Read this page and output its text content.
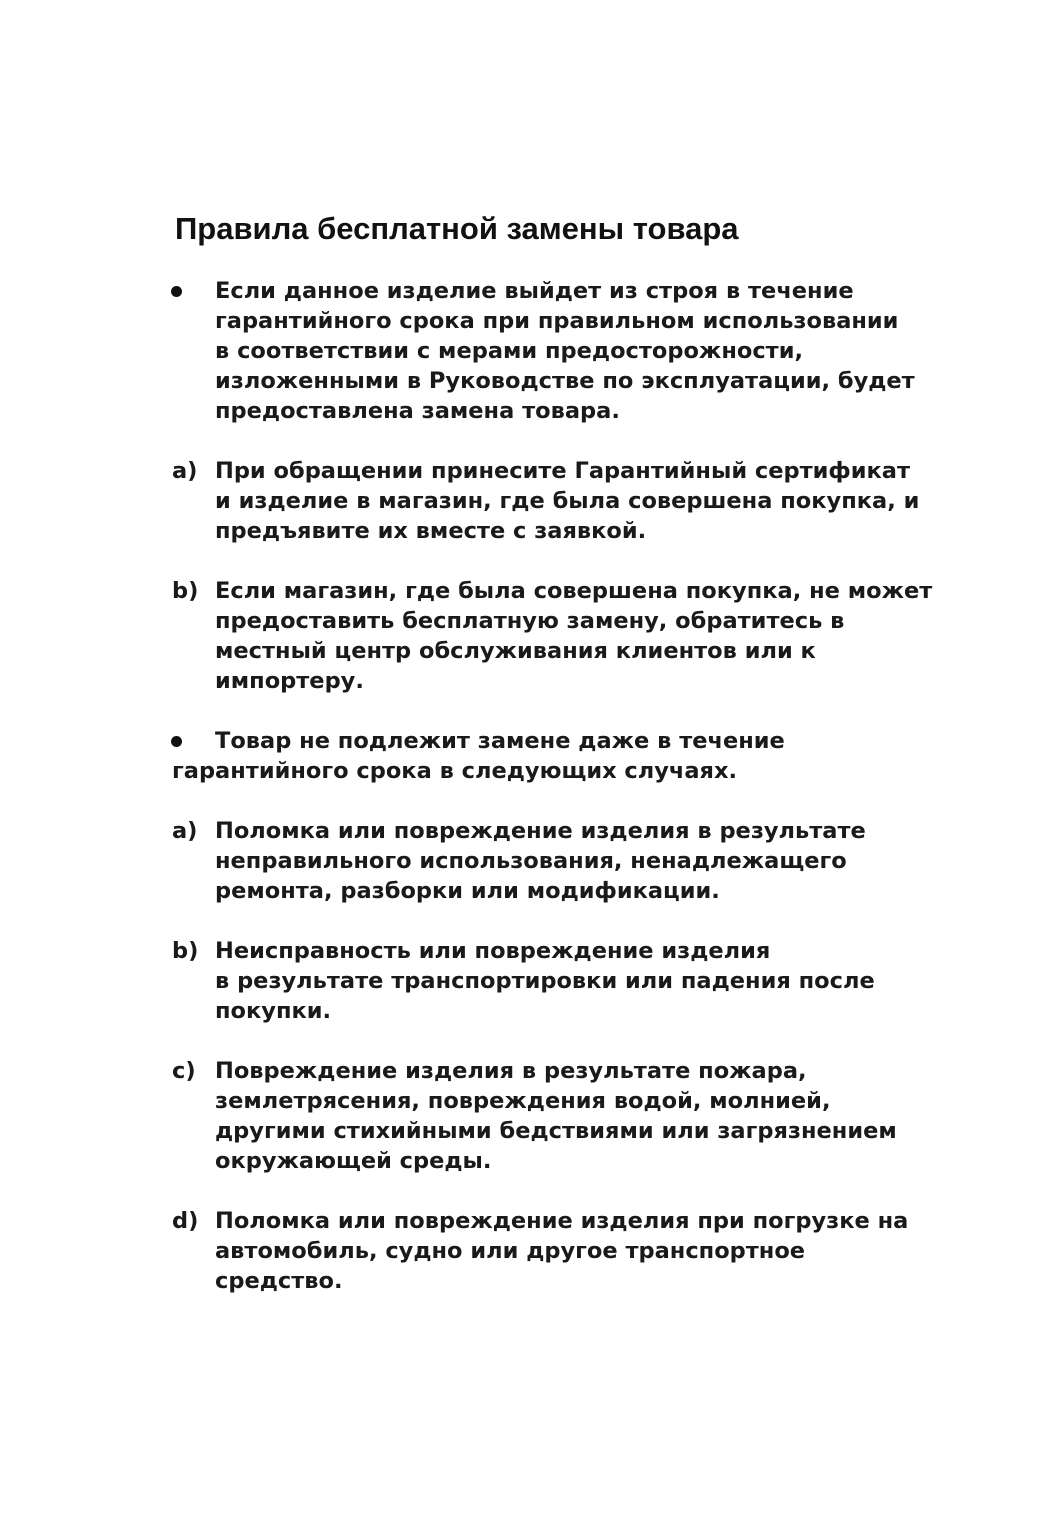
Правила бесплатной замены товара
Если данное изделие выйдет из строя в течение
гарантийного срока при правильном использовании
в соответствии с мерами предосторожности,
изложенными в Руководстве по эксплуатации, будет
предоставлена замена товара.
a) При обращении принесите Гарантийный сертификат
и изделие в магазин, где была совершена покупка, и
предъявите их вместе с заявкой.
b) Если магазин, где была совершена покупка, не может
предоставить бесплатную замену, обратитесь в
местный центр обслуживания клиентов или к
импортеру.
Товар не подлежит замене даже в течение
гарантийного срока в следующих случаях.
a) Поломка или повреждение изделия в результате
неправильного использования, ненадлежащего
ремонта, разборки или модификации.
b) Неисправность или повреждение изделия
в результате транспортировки или падения после
покупки.
c) Повреждение изделия в результате пожара,
землетрясения, повреждения водой, молнией,
другими стихийными бедствиями или загрязнением
окружающей среды.
d) Поломка или повреждение изделия при погрузке на
автомобиль, судно или другое транспортное
средство.
